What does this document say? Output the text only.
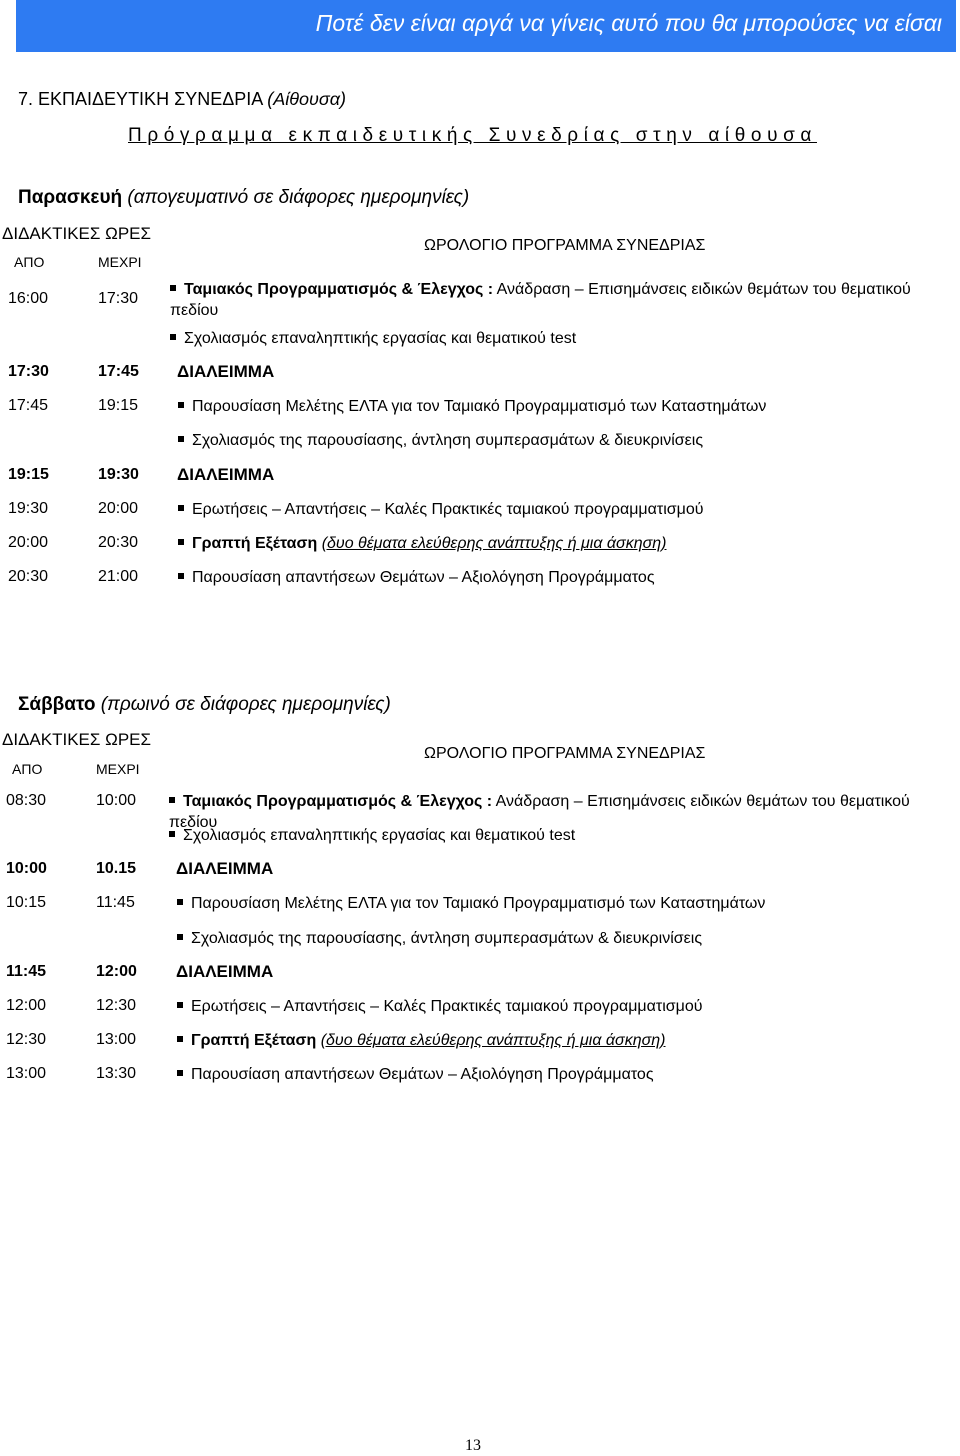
Ποτέ δεν είναι αργά να γίνεις αυτό που θα μπορούσες να είσαι
7. ΕΚΠΑΙΔΕΥΤΙΚΗ ΣΥΝΕΔΡΙΑ (Αίθουσα)
Πρόγραμμα εκπαιδευτικής Συνεδρίας στην αίθουσα
Παρασκευή (απογευματινό σε διάφορες ημερομηνίες)
ΔΙΔΑΚΤΙΚΕΣ ΩΡΕΣ
ΑΠΟ	ΜΕΧΡΙ
ΩΡΟΛΟΓΙΟ ΠΡΟΓΡΑΜΜΑ ΣΥΝΕΔΡΙΑΣ
16:00	17:30
Ταμιακός Προγραμματισμός & Έλεγχος : Ανάδραση – Επισημάνσεις ειδικών θεμάτων του θεματικού πεδίου
Σχολιασμός επαναληπτικής εργασίας και θεματικού test
17:30	17:45 ΔΙΑΛΕΙΜΜΑ
17:45	19:15	Παρουσίαση Μελέτης ΕΛΤΑ για τον Ταμιακό Προγραμματισμό των Καταστημάτων
Σχολιασμός της παρουσίασης, άντληση συμπερασμάτων & διευκρινίσεις
19:15	19:30 ΔΙΑΛΕΙΜΜΑ
19:30	20:00	Ερωτήσεις – Απαντήσεις – Καλές Πρακτικές ταμιακού προγραμματισμού
20:00	20:30	Γραπτή Εξέταση (δυο θέματα ελεύθερης ανάπτυξης ή μια άσκηση)
20:30	21:00	Παρουσίαση απαντήσεων Θεμάτων – Αξιολόγηση Προγράμματος
Σάββατο (πρωινό σε διάφορες ημερομηνίες)
ΔΙΔΑΚΤΙΚΕΣ ΩΡΕΣ
ΑΠΟ	ΜΕΧΡΙ
ΩΡΟΛΟΓΙΟ ΠΡΟΓΡΑΜΜΑ ΣΥΝΕΔΡΙΑΣ
08:30	10:00	Ταμιακός Προγραμματισμός & Έλεγχος : Ανάδραση – Επισημάνσεις ειδικών θεμάτων του θεματικού πεδίου
Σχολιασμός επαναληπτικής εργασίας και θεματικού test
10:00	10.15 ΔΙΑΛΕΙΜΜΑ
10:15	11:45	Παρουσίαση Μελέτης ΕΛΤΑ για τον Ταμιακό Προγραμματισμό των Καταστημάτων
Σχολιασμός της παρουσίασης, άντληση συμπερασμάτων & διευκρινίσεις
11:45	12:00 ΔΙΑΛΕΙΜΜΑ
12:00	12:30	Ερωτήσεις – Απαντήσεις – Καλές Πρακτικές ταμιακού προγραμματισμού
12:30	13:00	Γραπτή Εξέταση (δυο θέματα ελεύθερης ανάπτυξης ή μια άσκηση)
13:00	13:30	Παρουσίαση απαντήσεων Θεμάτων – Αξιολόγηση Προγράμματος
13
